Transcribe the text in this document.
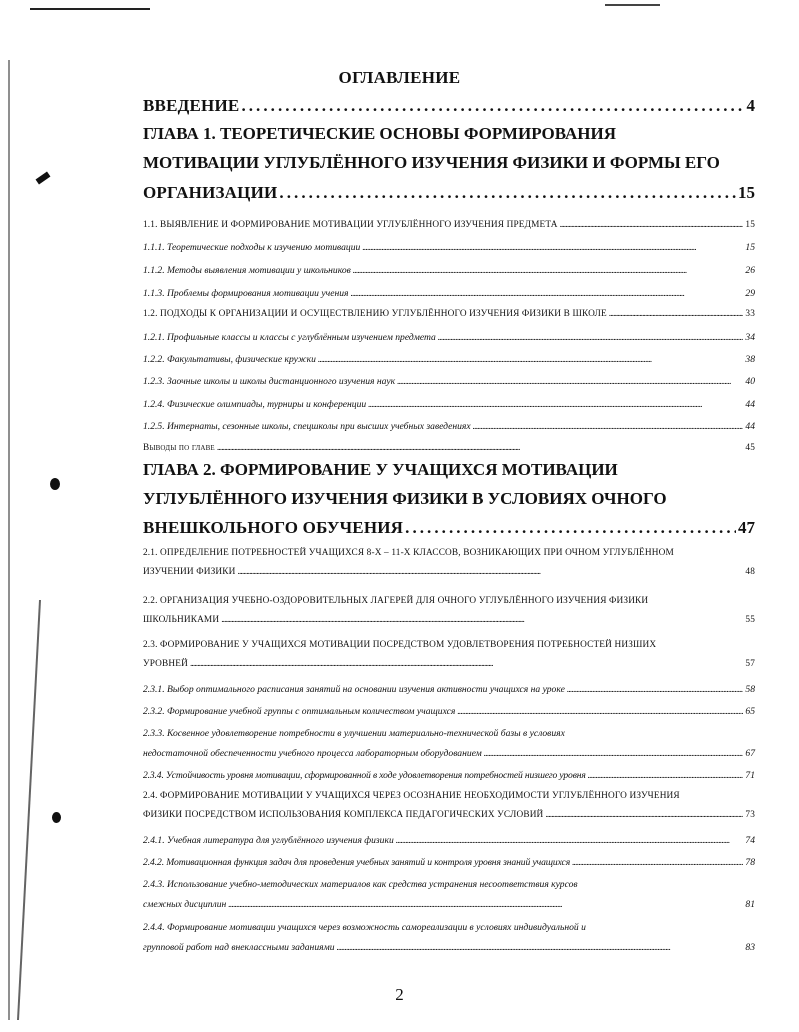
ОГЛАВЛЕНИЕ
ВВЕДЕНИЕ . . .	4
ГЛАВА 1. ТЕОРЕТИЧЕСКИЕ ОСНОВЫ ФОРМИРОВАНИЯ
МОТИВАЦИИ УГЛУБЛЁННОГО ИЗУЧЕНИЯ ФИЗИКИ И ФОРМЫ ЕГО
ОРГАНИЗАЦИИ . . .	15
1.1. ВЫЯВЛЕНИЕ И ФОРМИРОВАНИЕ МОТИВАЦИИ УГЛУБЛЁННОГО ИЗУЧЕНИЯ ПРЕДМЕТА . . .	15
1.1.1. Теоретические подходы к изучению мотивации . . .	15
1.1.2. Методы выявления мотивации у школьников . . .	26
1.1.3. Проблемы формирования мотивации учения . . .	29
1.2. ПОДХОДЫ К ОРГАНИЗАЦИИ И ОСУЩЕСТВЛЕНИЮ УГЛУБЛЁННОГО ИЗУЧЕНИЯ ФИЗИКИ В ШКОЛЕ . . .	33
1.2.1. Профильные классы и классы с углублённым изучением предмета . . .	34
1.2.2. Факультативы, физические кружки . . .	38
1.2.3. Заочные школы и школы дистанционного изучения наук . . .	40
1.2.4. Физические олимпиады, турниры и конференции . . .	44
1.2.5. Интернаты, сезонные школы, спецшколы при высших учебных заведениях . . .	44
Выводы по главе . . .	45
ГЛАВА 2. ФОРМИРОВАНИЕ У УЧАЩИХСЯ МОТИВАЦИИ
УГЛУБЛЁННОГО ИЗУЧЕНИЯ ФИЗИКИ В УСЛОВИЯХ ОЧНОГО
ВНЕШКОЛЬНОГО ОБУЧЕНИЯ . . .	47
2.1. ОПРЕДЕЛЕНИЕ ПОТРЕБНОСТЕЙ УЧАЩИХСЯ 8-Х – 11-Х КЛАССОВ, ВОЗНИКАЮЩИХ ПРИ ОЧНОМ УГЛУБЛЁННОМ
ИЗУЧЕНИИ ФИЗИКИ . . .	48
2.2. ОРГАНИЗАЦИЯ УЧЕБНО-ОЗДОРОВИТЕЛЬНЫХ ЛАГЕРЕЙ ДЛЯ ОЧНОГО УГЛУБЛЁННОГО ИЗУЧЕНИЯ ФИЗИКИ
ШКОЛЬНИКАМИ . . .	55
2.3. ФОРМИРОВАНИЕ У УЧАЩИХСЯ МОТИВАЦИИ ПОСРЕДСТВОМ УДОВЛЕТВОРЕНИЯ ПОТРЕБНОСТЕЙ НИЗШИХ
УРОВНЕЙ . . .	57
2.3.1. Выбор оптимального расписания занятий на основании изучения активности учащихся на уроке . . .	58
2.3.2. Формирование учебной группы с оптимальным количеством учащихся . . .	65
2.3.3. Косвенное удовлетворение потребности в улучшении материально-технической базы в условиях
недостаточной обеспеченности учебного процесса лабораторным оборудованием . . .	67
2.3.4. Устойчивость уровня мотивации, сформированной в ходе удовлетворения потребностей низшего уровня . . .	71
2.4. ФОРМИРОВАНИЕ МОТИВАЦИИ У УЧАЩИХСЯ ЧЕРЕЗ ОСОЗНАНИЕ НЕОБХОДИМОСТИ УГЛУБЛЁННОГО ИЗУЧЕНИЯ
ФИЗИКИ ПОСРЕДСТВОМ ИСПОЛЬЗОВАНИЯ КОМПЛЕКСА ПЕДАГОГИЧЕСКИХ УСЛОВИЙ . . .	73
2.4.1. Учебная литература для углублённого изучения физики . . .	74
2.4.2. Мотивационная функция задач для проведения учебных занятий и контроля уровня знаний учащихся . . .	78
2.4.3. Использование учебно-методических материалов как средства устранения несоответствия курсов
смежных дисциплин . . .	81
2.4.4. Формирование мотивации учащихся через возможность самореализации в условиях индивидуальной и
групповой работ над внеклассными заданиями . . .	83
2
